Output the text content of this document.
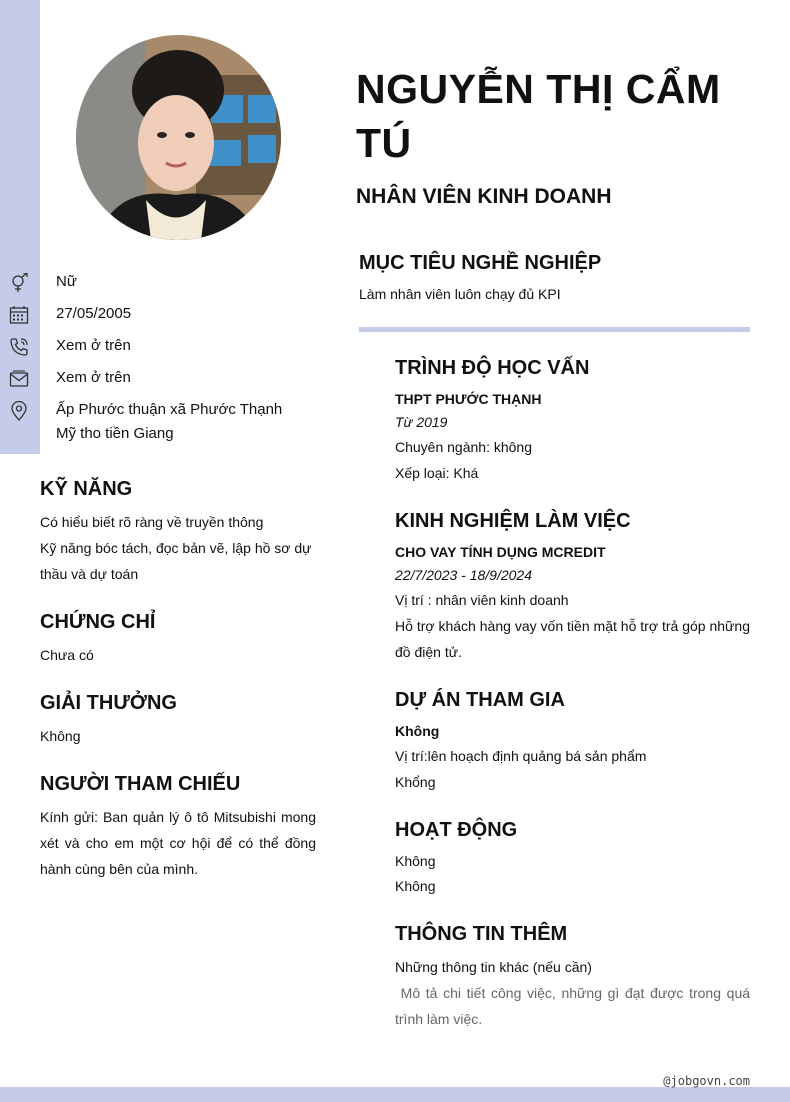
NGUYỄN THỊ CẨM TÚ
NHÂN VIÊN KINH DOANH
Nữ
27/05/2005
Xem ở trên
Xem ở trên
Ấp Phước thuận xã Phước Thạnh
Mỹ tho tiền Giang
KỸ NĂNG
Có hiểu biết rõ ràng về truyền thông
Kỹ năng bóc tách, đọc bản vẽ, lập hồ sơ dự
thầu và dự toán
CHỨNG CHỈ
Chưa có
GIẢI THƯỞNG
Không
NGƯỜI THAM CHIẾU
Kính gửi: Ban quản lý ô tô Mitsubishi mong xét và cho em một cơ hội để có thể đồng hành cùng bên của mình.
MỤC TIÊU NGHỀ NGHIỆP
Làm nhân viên luôn chạy đủ KPI
TRÌNH ĐỘ HỌC VẤN
THPT PHƯỚC THẠNH
Từ 2019
Chuyên ngành: không
Xếp loại: Khá
KINH NGHIỆM LÀM VIỆC
CHO VAY TÍNH DỤNG MCREDIT
22/7/2023 - 18/9/2024
Vị trí : nhân viên kinh doanh
Hỗ trợ khách hàng vay vốn tiền mặt hỗ trợ trả góp những đồ điện tử.
DỰ ÁN THAM GIA
Không
Vị trí:lên hoạch định quảng bá sản phẩm
Khổng
HOẠT ĐỘNG
Không
Không
THÔNG TIN THÊM
Những thông tin khác (nếu cần)
Mô tả chi tiết công việc, những gì đạt được trong quá trình làm việc.
@jobgovn.com
